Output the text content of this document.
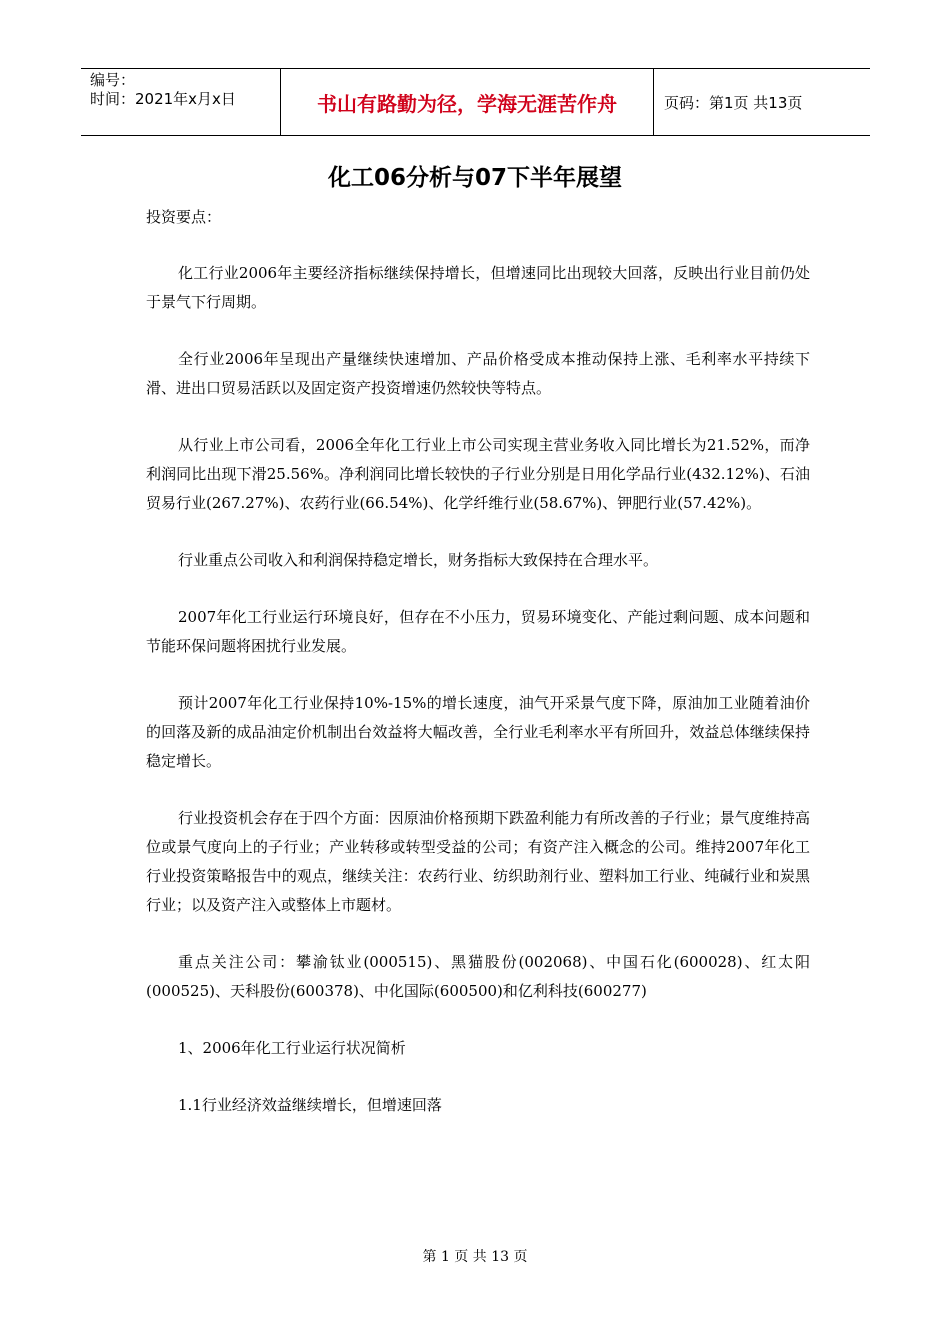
编号：
时间：2021年x月x日	书山有路勤为径，学海无涯苦作舟	页码：第1页 共13页
化工06分析与07下半年展望

投资要点：

化工行业2006年主要经济指标继续保持增长，但增速同比出现较大回落，反映出行业目前仍处于景气下行周期。

全行业2006年呈现出产量继续快速增加、产品价格受成本推动保持上涨、毛利率水平持续下滑、进出口贸易活跃以及固定资产投资增速仍然较快等特点。

从行业上市公司看，2006全年化工行业上市公司实现主营业务收入同比增长为21.52%，而净利润同比出现下滑25.56%。净利润同比增长较快的子行业分别是日用化学品行业(432.12%)、石油贸易行业(267.27%)、农药行业(66.54%)、化学纤维行业(58.67%)、钾肥行业(57.42%)。

行业重点公司收入和利润保持稳定增长，财务指标大致保持在合理水平。

2007年化工行业运行环境良好，但存在不小压力，贸易环境变化、产能过剩问题、成本问题和节能环保问题将困扰行业发展。

预计2007年化工行业保持10%-15%的增长速度，油气开采景气度下降，原油加工业随着油价的回落及新的成品油定价机制出台效益将大幅改善，全行业毛利率水平有所回升，效益总体继续保持稳定增长。

行业投资机会存在于四个方面：因原油价格预期下跌盈利能力有所改善的子行业；景气度维持高位或景气度向上的子行业；产业转移或转型受益的公司；有资产注入概念的公司。维持2007年化工行业投资策略报告中的观点，继续关注：农药行业、纺织助剂行业、塑料加工行业、纯碱行业和炭黑行业；以及资产注入或整体上市题材。

重点关注公司：攀渝钛业(000515)、黑猫股份(002068)、中国石化(600028)、红太阳(000525)、天科股份(600378)、中化国际(600500)和亿利科技(600277)

1、2006年化工行业运行状况简析

1.1行业经济效益继续增长，但增速回落

第 1 页 共 13 页
